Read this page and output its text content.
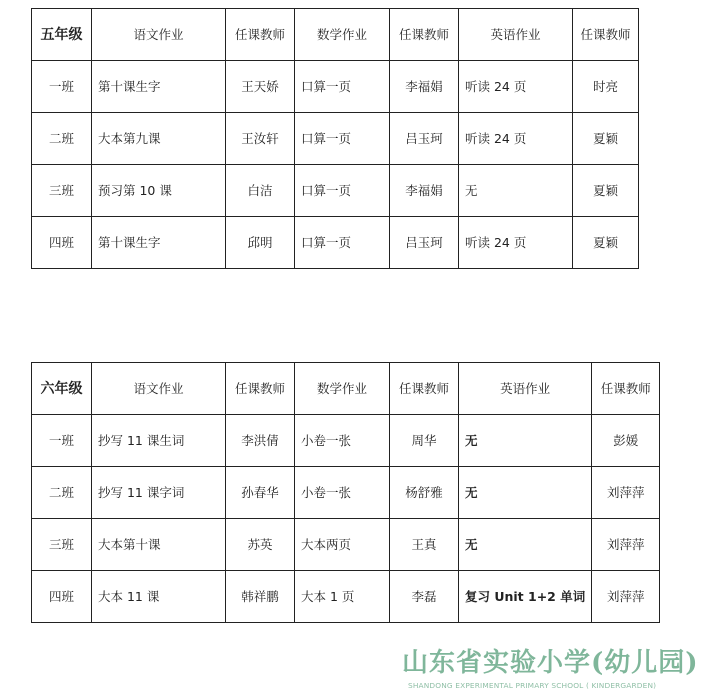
五年级	语文作业	任课教师	数学作业	任课教师	英语作业	任课教师
一班	第十课生字	王天娇	口算一页	李福娟	听读 24 页	时亮
二班	大本第九课	王汝轩	口算一页	吕玉珂	听读 24 页	夏颖
三班	预习第 10 课	白洁	口算一页	李福娟	无	夏颖
四班	第十课生字	邱明	口算一页	吕玉珂	听读 24 页	夏颖
六年级	语文作业	任课教师	数学作业	任课教师	英语作业	任课教师
一班	抄写 11 课生词	李洪倩	小卷一张	周华	无	彭媛
二班	抄写 11 课字词	孙春华	小卷一张	杨舒雅	无	刘萍萍
三班	大本第十课	苏英	大本两页	王真	无	刘萍萍
四班	大本 11 课	韩祥鹏	大本 1 页	李磊	复习 Unit 1+2 单词	刘萍萍
山东省实验小学(幼儿园)
SHANDONG EXPERIMENTAL PRIMARY SCHOOL ( KINDERGARDEN)
